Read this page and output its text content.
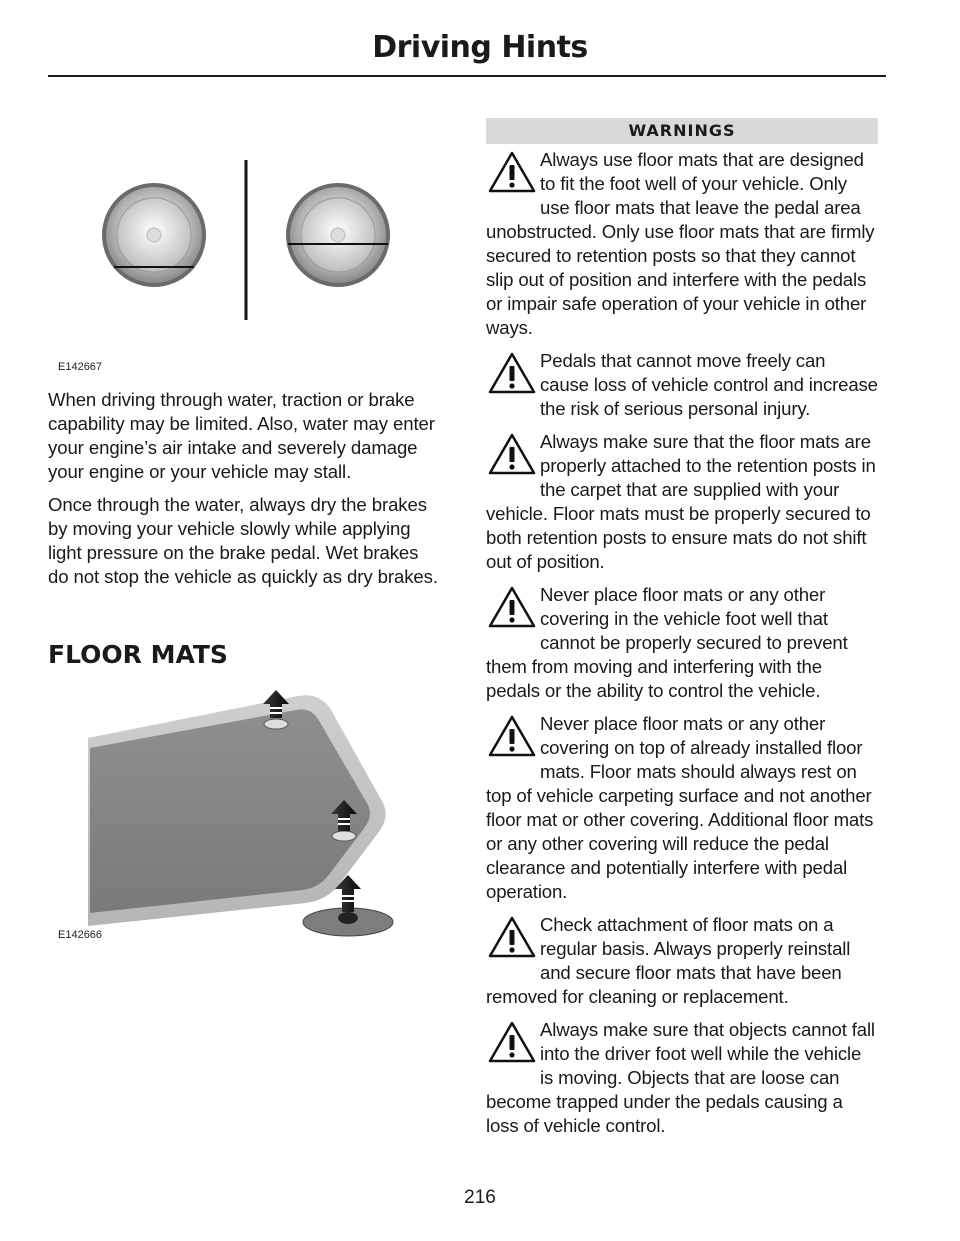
Driving Hints
E142667

When driving through water, traction or brake capability may be limited. Also, water may enter your engine’s air intake and severely damage your engine or your vehicle may stall.

Once through the water, always dry the brakes by moving your vehicle slowly while applying light pressure on the brake pedal. Wet brakes do not stop the vehicle as quickly as dry brakes.

FLOOR MATS
E142666
WARNINGS
Always use floor mats that are designed to fit the foot well of your vehicle. Only use floor mats that leave the pedal area unobstructed. Only use floor mats that are firmly secured to retention posts so that they cannot slip out of position and interfere with the pedals or impair safe operation of your vehicle in other ways.
Pedals that cannot move freely can cause loss of vehicle control and increase the risk of serious personal injury.
Always make sure that the floor mats are properly attached to the retention posts in the carpet that are supplied with your vehicle. Floor mats must be properly secured to both retention posts to ensure mats do not shift out of position.
Never place floor mats or any other covering in the vehicle foot well that cannot be properly secured to prevent them from moving and interfering with the pedals or the ability to control the vehicle.
Never place floor mats or any other covering on top of already installed floor mats. Floor mats should always rest on top of vehicle carpeting surface and not another floor mat or other covering. Additional floor mats or any other covering will reduce the pedal clearance and potentially interfere with pedal operation.
Check attachment of floor mats on a regular basis. Always properly reinstall and secure floor mats that have been removed for cleaning or replacement.
Always make sure that objects cannot fall into the driver foot well while the vehicle is moving. Objects that are loose can become trapped under the pedals causing a loss of vehicle control.
216
